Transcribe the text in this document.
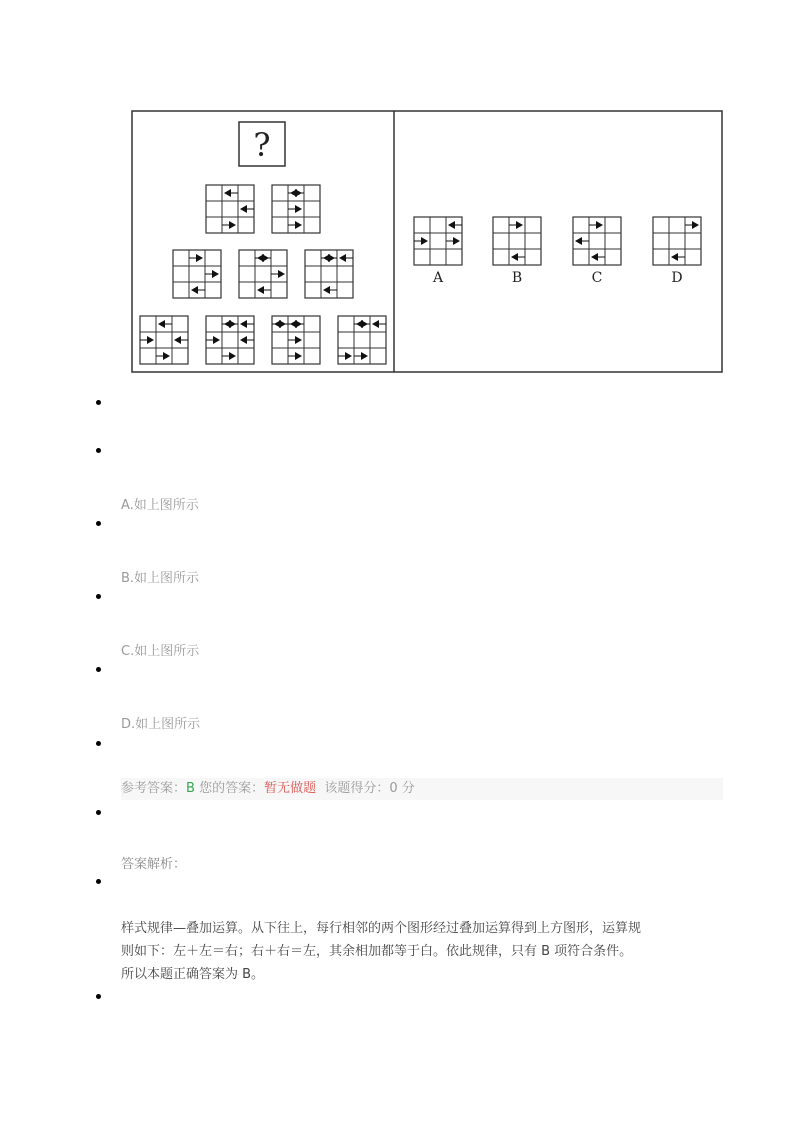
A	B	C	D
?
A.如上图所示
B.如上图所示
C.如上图所示
D.如上图所示
参考答案：B 您的答案：暂无做题 该题得分：0 分
答案解析：

样式规律—叠加运算。从下往上，每行相邻的两个图形经过叠加运算得到上方图形，运算规

则如下：左＋左＝右；右＋右＝左，其余相加都等于白。依此规律，只有 B 项符合条件。

所以本题正确答案为 B。
